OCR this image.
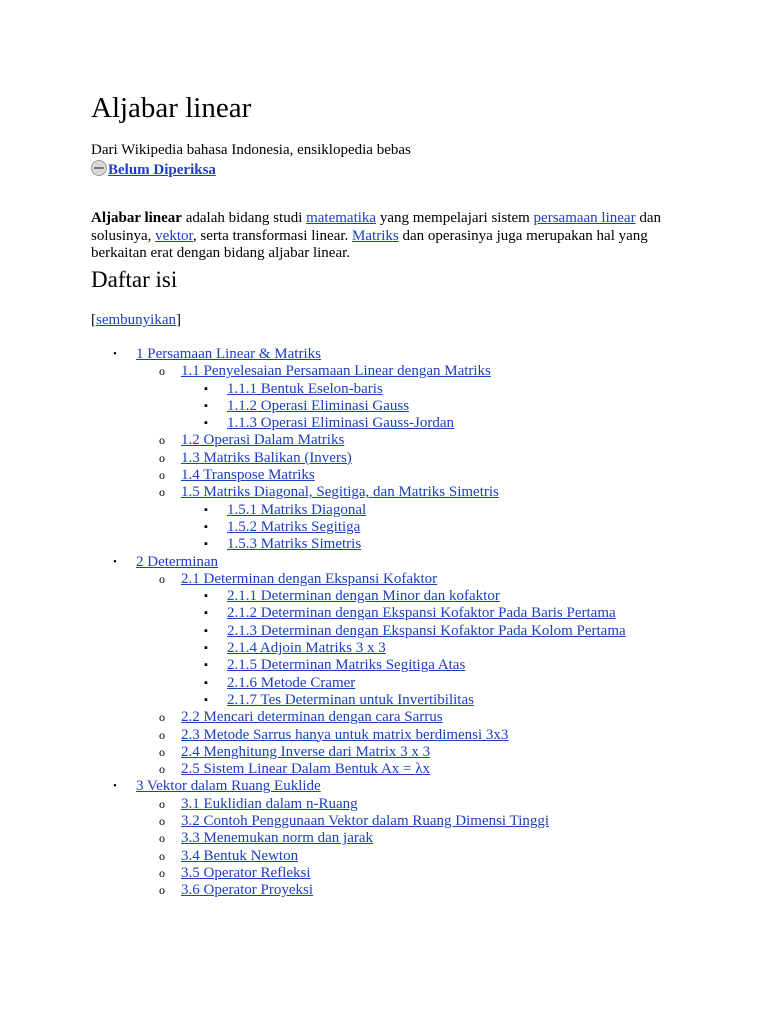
Aljabar linear
Dari Wikipedia bahasa Indonesia, ensiklopedia bebas
Belum Diperiksa

Aljabar linear adalah bidang studi matematika yang mempelajari sistem persamaan linear dan solusinya, vektor, serta transformasi linear. Matriks dan operasinya juga merupakan hal yang berkaitan erat dengan bidang aljabar linear.

Daftar isi
[sembunyikan]
• 1 Persamaan Linear & Matriks
o 1.1 Penyelesaian Persamaan Linear dengan Matriks
▪ 1.1.1 Bentuk Eselon-baris
▪ 1.1.2 Operasi Eliminasi Gauss
▪ 1.1.3 Operasi Eliminasi Gauss-Jordan
o 1.2 Operasi Dalam Matriks
o 1.3 Matriks Balikan (Invers)
o 1.4 Transpose Matriks
o 1.5 Matriks Diagonal, Segitiga, dan Matriks Simetris
▪ 1.5.1 Matriks Diagonal
▪ 1.5.2 Matriks Segitiga
▪ 1.5.3 Matriks Simetris
• 2 Determinan
o 2.1 Determinan dengan Ekspansi Kofaktor
▪ 2.1.1 Determinan dengan Minor dan kofaktor
▪ 2.1.2 Determinan dengan Ekspansi Kofaktor Pada Baris Pertama
▪ 2.1.3 Determinan dengan Ekspansi Kofaktor Pada Kolom Pertama
▪ 2.1.4 Adjoin Matriks 3 x 3
▪ 2.1.5 Determinan Matriks Segitiga Atas
▪ 2.1.6 Metode Cramer
▪ 2.1.7 Tes Determinan untuk Invertibilitas
o 2.2 Mencari determinan dengan cara Sarrus
o 2.3 Metode Sarrus hanya untuk matrix berdimensi 3x3
o 2.4 Menghitung Inverse dari Matrix 3 x 3
o 2.5 Sistem Linear Dalam Bentuk Ax = λx
• 3 Vektor dalam Ruang Euklide
o 3.1 Euklidian dalam n-Ruang
o 3.2 Contoh Penggunaan Vektor dalam Ruang Dimensi Tinggi
o 3.3 Menemukan norm dan jarak
o 3.4 Bentuk Newton
o 3.5 Operator Refleksi
o 3.6 Operator Proyeksi
